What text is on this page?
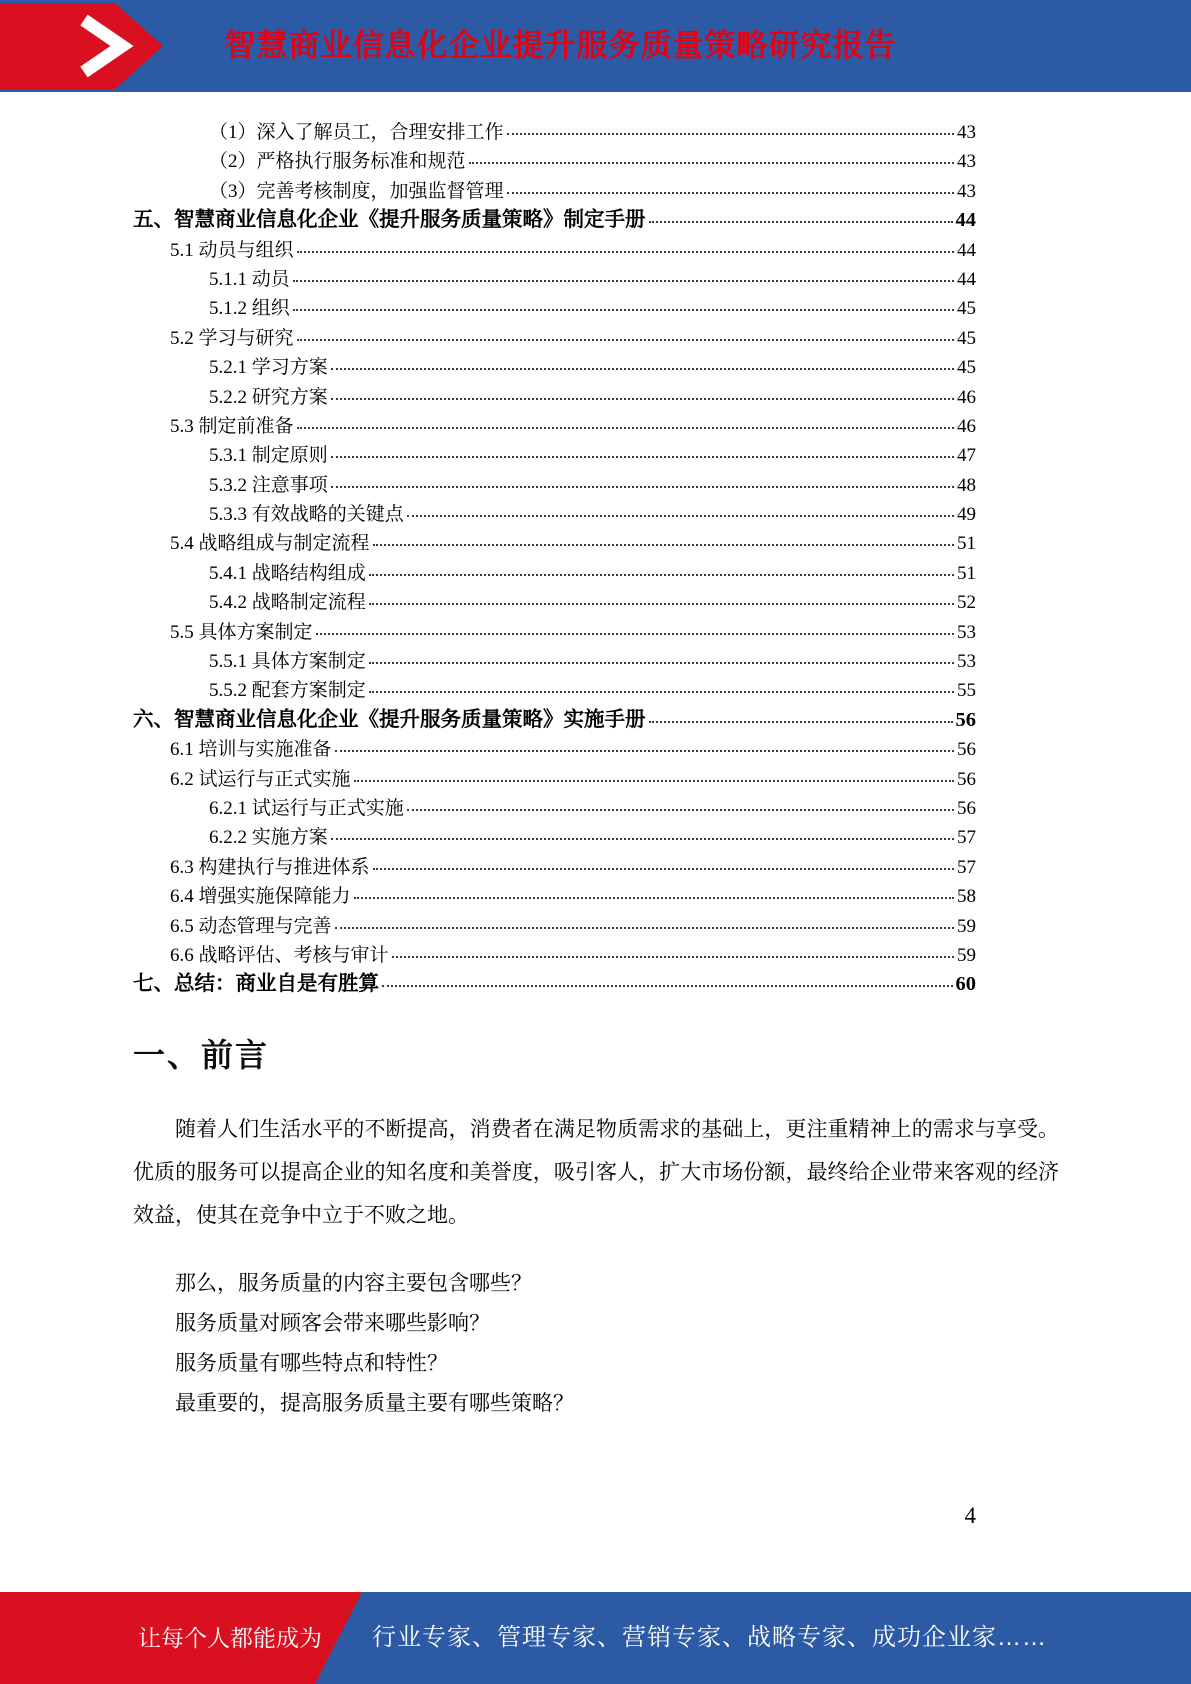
智慧商业信息化企业提升服务质量策略研究报告
（1）深入了解员工，合理安排工作	43
（2）严格执行服务标准和规范	43
（3）完善考核制度，加强监督管理	43
五、智慧商业信息化企业《提升服务质量策略》制定手册	44
5.1 动员与组织	44
5.1.1 动员	44
5.1.2 组织	45
5.2 学习与研究	45
5.2.1 学习方案	45
5.2.2 研究方案	46
5.3 制定前准备	46
5.3.1 制定原则	47
5.3.2 注意事项	48
5.3.3 有效战略的关键点	49
5.4 战略组成与制定流程	51
5.4.1 战略结构组成	51
5.4.2 战略制定流程	52
5.5 具体方案制定	53
5.5.1 具体方案制定	53
5.5.2 配套方案制定	55
六、智慧商业信息化企业《提升服务质量策略》实施手册	56
6.1 培训与实施准备	56
6.2 试运行与正式实施	56
6.2.1 试运行与正式实施	56
6.2.2 实施方案	57
6.3 构建执行与推进体系	57
6.4 增强实施保障能力	58
6.5 动态管理与完善	59
6.6 战略评估、考核与审计	59
七、总结：商业自是有胜算	60
一、前言

随着人们生活水平的不断提高，消费者在满足物质需求的基础上，更注重精神上的需求与享受。优质的服务可以提高企业的知名度和美誉度，吸引客人，扩大市场份额，最终给企业带来客观的经济效益，使其在竞争中立于不败之地。

那么，服务质量的内容主要包含哪些？

服务质量对顾客会带来哪些影响？

服务质量有哪些特点和特性？

最重要的，提高服务质量主要有哪些策略？

4
让每个人都能成为 行业专家、管理专家、营销专家、战略专家、成功企业家……
